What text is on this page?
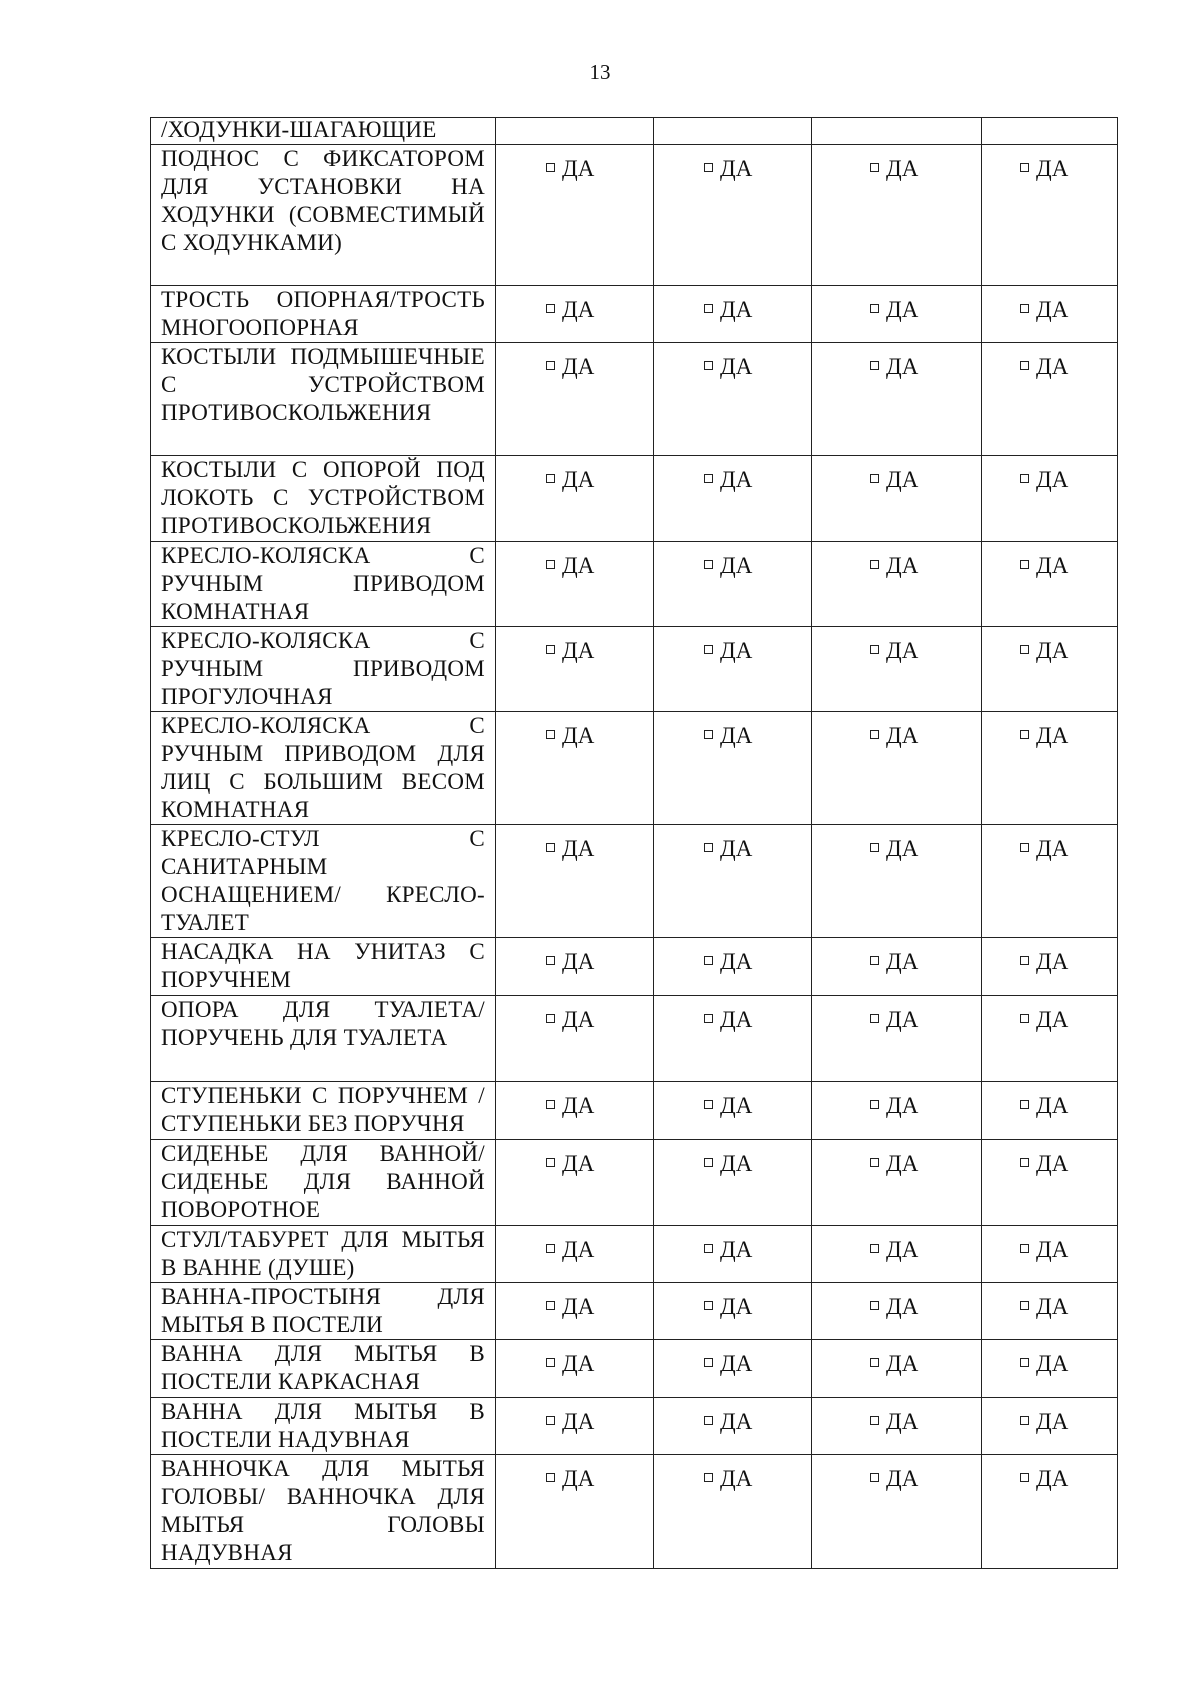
13
/ХОДУНКИ-ШАГАЮЩИЕ				

ПОДНОС С ФИКСАТОРОМ ДЛЯ УСТАНОВКИ НА ХОДУНКИ (СОВМЕСТИМЫЙ С ХОДУНКАМИ)	ДА	ДА	ДА	ДА

ТРОСТЬ ОПОРНАЯ/ТРОСТЬ МНОГООПОРНАЯ	ДА	ДА	ДА	ДА

КОСТЫЛИ ПОДМЫШЕЧНЫЕ С УСТРОЙСТВОМ ПРОТИВОСКОЛЬЖЕНИЯ	ДА	ДА	ДА	ДА

КОСТЫЛИ С ОПОРОЙ ПОД ЛОКОТЬ С УСТРОЙСТВОМ ПРОТИВОСКОЛЬЖЕНИЯ	ДА	ДА	ДА	ДА

КРЕСЛО-КОЛЯСКА С РУЧНЫМ ПРИВОДОМ КОМНАТНАЯ	ДА	ДА	ДА	ДА

КРЕСЛО-КОЛЯСКА С РУЧНЫМ ПРИВОДОМ ПРОГУЛОЧНАЯ	ДА	ДА	ДА	ДА

КРЕСЛО-КОЛЯСКА С РУЧНЫМ ПРИВОДОМ ДЛЯ ЛИЦ С БОЛЬШИМ ВЕСОМ КОМНАТНАЯ	ДА	ДА	ДА	ДА

КРЕСЛО-СТУЛ С САНИТАРНЫМ ОСНАЩЕНИЕМ/ КРЕСЛО-ТУАЛЕТ	ДА	ДА	ДА	ДА

НАСАДКА НА УНИТАЗ С ПОРУЧНЕМ	ДА	ДА	ДА	ДА

ОПОРА ДЛЯ ТУАЛЕТА/ПОРУЧЕНЬ ДЛЯ ТУАЛЕТА	ДА	ДА	ДА	ДА

СТУПЕНЬКИ С ПОРУЧНЕМ /СТУПЕНЬКИ БЕЗ ПОРУЧНЯ	ДА	ДА	ДА	ДА

СИДЕНЬЕ ДЛЯ ВАННОЙ/СИДЕНЬЕ ДЛЯ ВАННОЙ ПОВОРОТНОЕ	ДА	ДА	ДА	ДА

СТУЛ/ТАБУРЕТ ДЛЯ МЫТЬЯ В ВАННЕ (ДУШЕ)	ДА	ДА	ДА	ДА

ВАННА-ПРОСТЫНЯ ДЛЯ МЫТЬЯ В ПОСТЕЛИ	ДА	ДА	ДА	ДА

ВАННА ДЛЯ МЫТЬЯ В ПОСТЕЛИ КАРКАСНАЯ	ДА	ДА	ДА	ДА

ВАННА ДЛЯ МЫТЬЯ В ПОСТЕЛИ НАДУВНАЯ	ДА	ДА	ДА	ДА

ВАННОЧКА ДЛЯ МЫТЬЯ ГОЛОВЫ/ ВАННОЧКА ДЛЯ МЫТЬЯ ГОЛОВЫ НАДУВНАЯ	ДА	ДА	ДА	ДА
